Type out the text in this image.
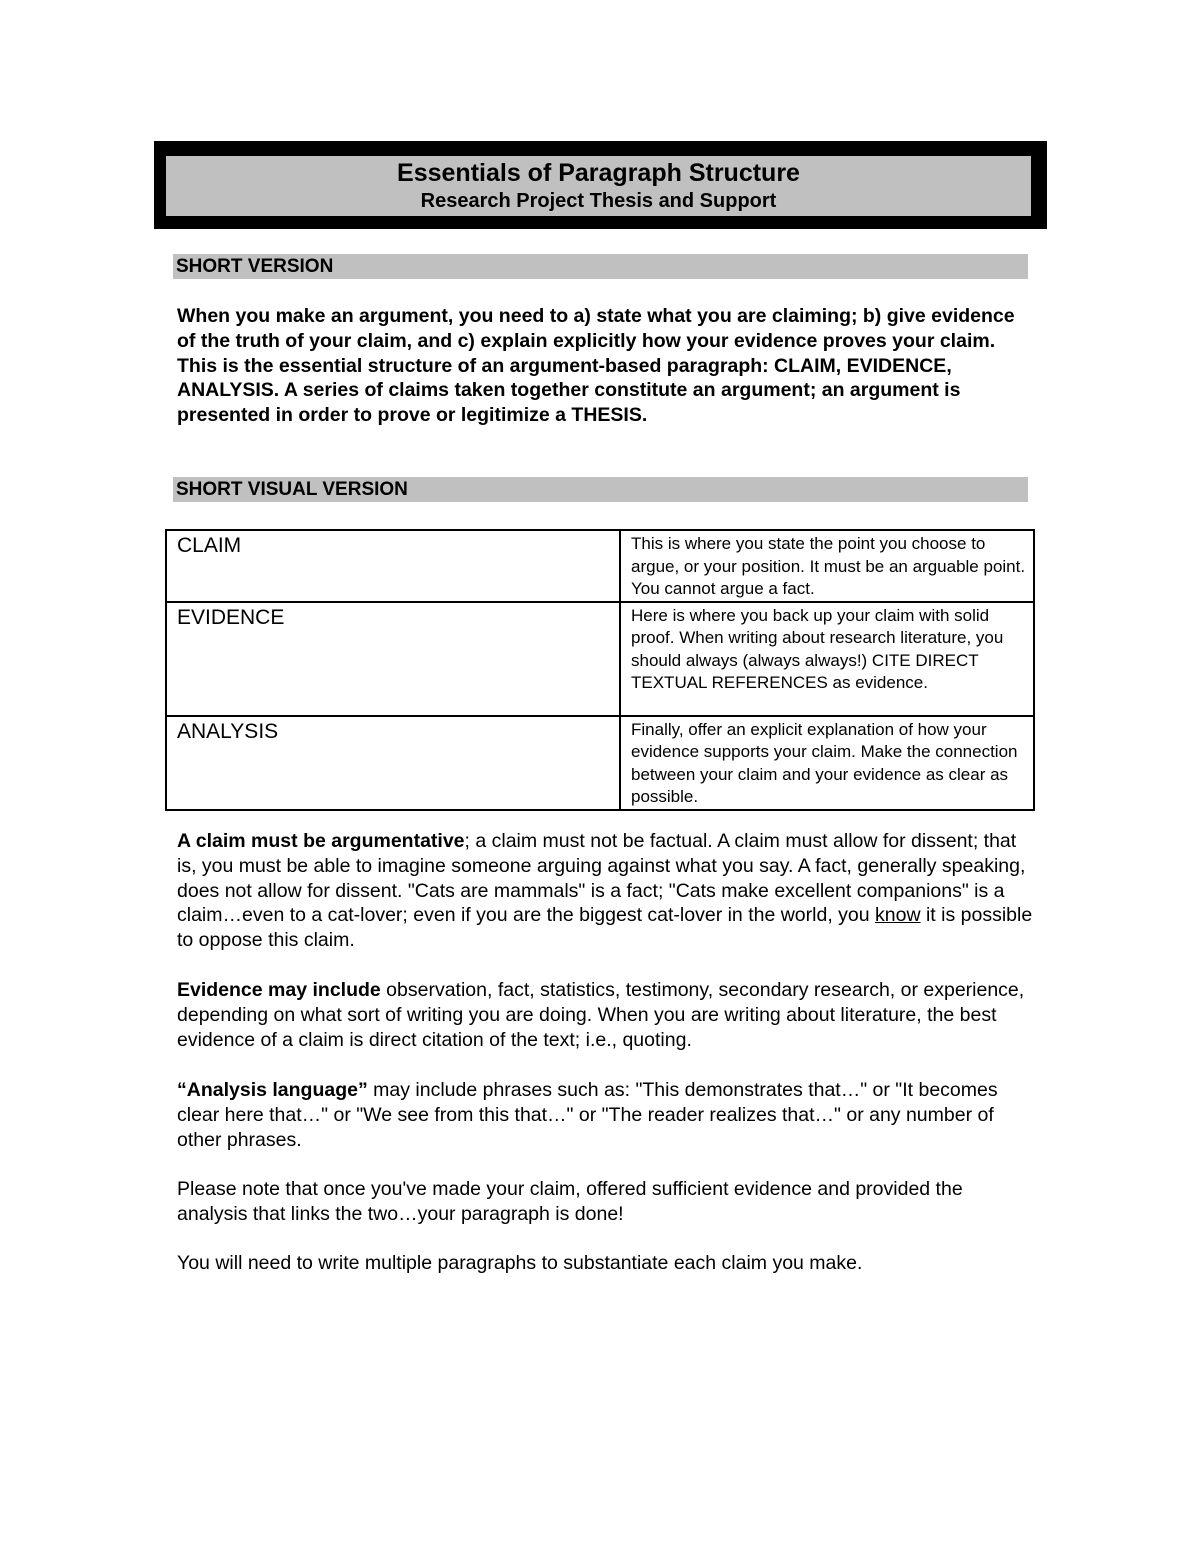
Essentials of Paragraph Structure
Research Project Thesis and Support
SHORT VERSION
When you make an argument, you need to a) state what you are claiming; b) give evidence of the truth of your claim, and c) explain explicitly how your evidence proves your claim. This is the essential structure of an argument-based paragraph: CLAIM, EVIDENCE, ANALYSIS. A series of claims taken together constitute an argument; an argument is presented in order to prove or legitimize a THESIS.
SHORT VISUAL VERSION
CLAIM	This is where you state the point you choose to argue, or your position. It must be an arguable point. You cannot argue a fact.
EVIDENCE	Here is where you back up your claim with solid proof. When writing about research literature, you should always (always always!) CITE DIRECT TEXTUAL REFERENCES as evidence.
ANALYSIS	Finally, offer an explicit explanation of how your evidence supports your claim. Make the connection between your claim and your evidence as clear as possible.
A claim must be argumentative; a claim must not be factual. A claim must allow for dissent; that is, you must be able to imagine someone arguing against what you say. A fact, generally speaking, does not allow for dissent. "Cats are mammals" is a fact; "Cats make excellent companions" is a claim…even to a cat-lover; even if you are the biggest cat-lover in the world, you know it is possible to oppose this claim.
Evidence may include observation, fact, statistics, testimony, secondary research, or experience, depending on what sort of writing you are doing. When you are writing about literature, the best evidence of a claim is direct citation of the text; i.e., quoting.
“Analysis language” may include phrases such as: "This demonstrates that…" or "It becomes clear here that…" or "We see from this that…" or "The reader realizes that…" or any number of other phrases.
Please note that once you've made your claim, offered sufficient evidence and provided the analysis that links the two…your paragraph is done!
You will need to write multiple paragraphs to substantiate each claim you make.
